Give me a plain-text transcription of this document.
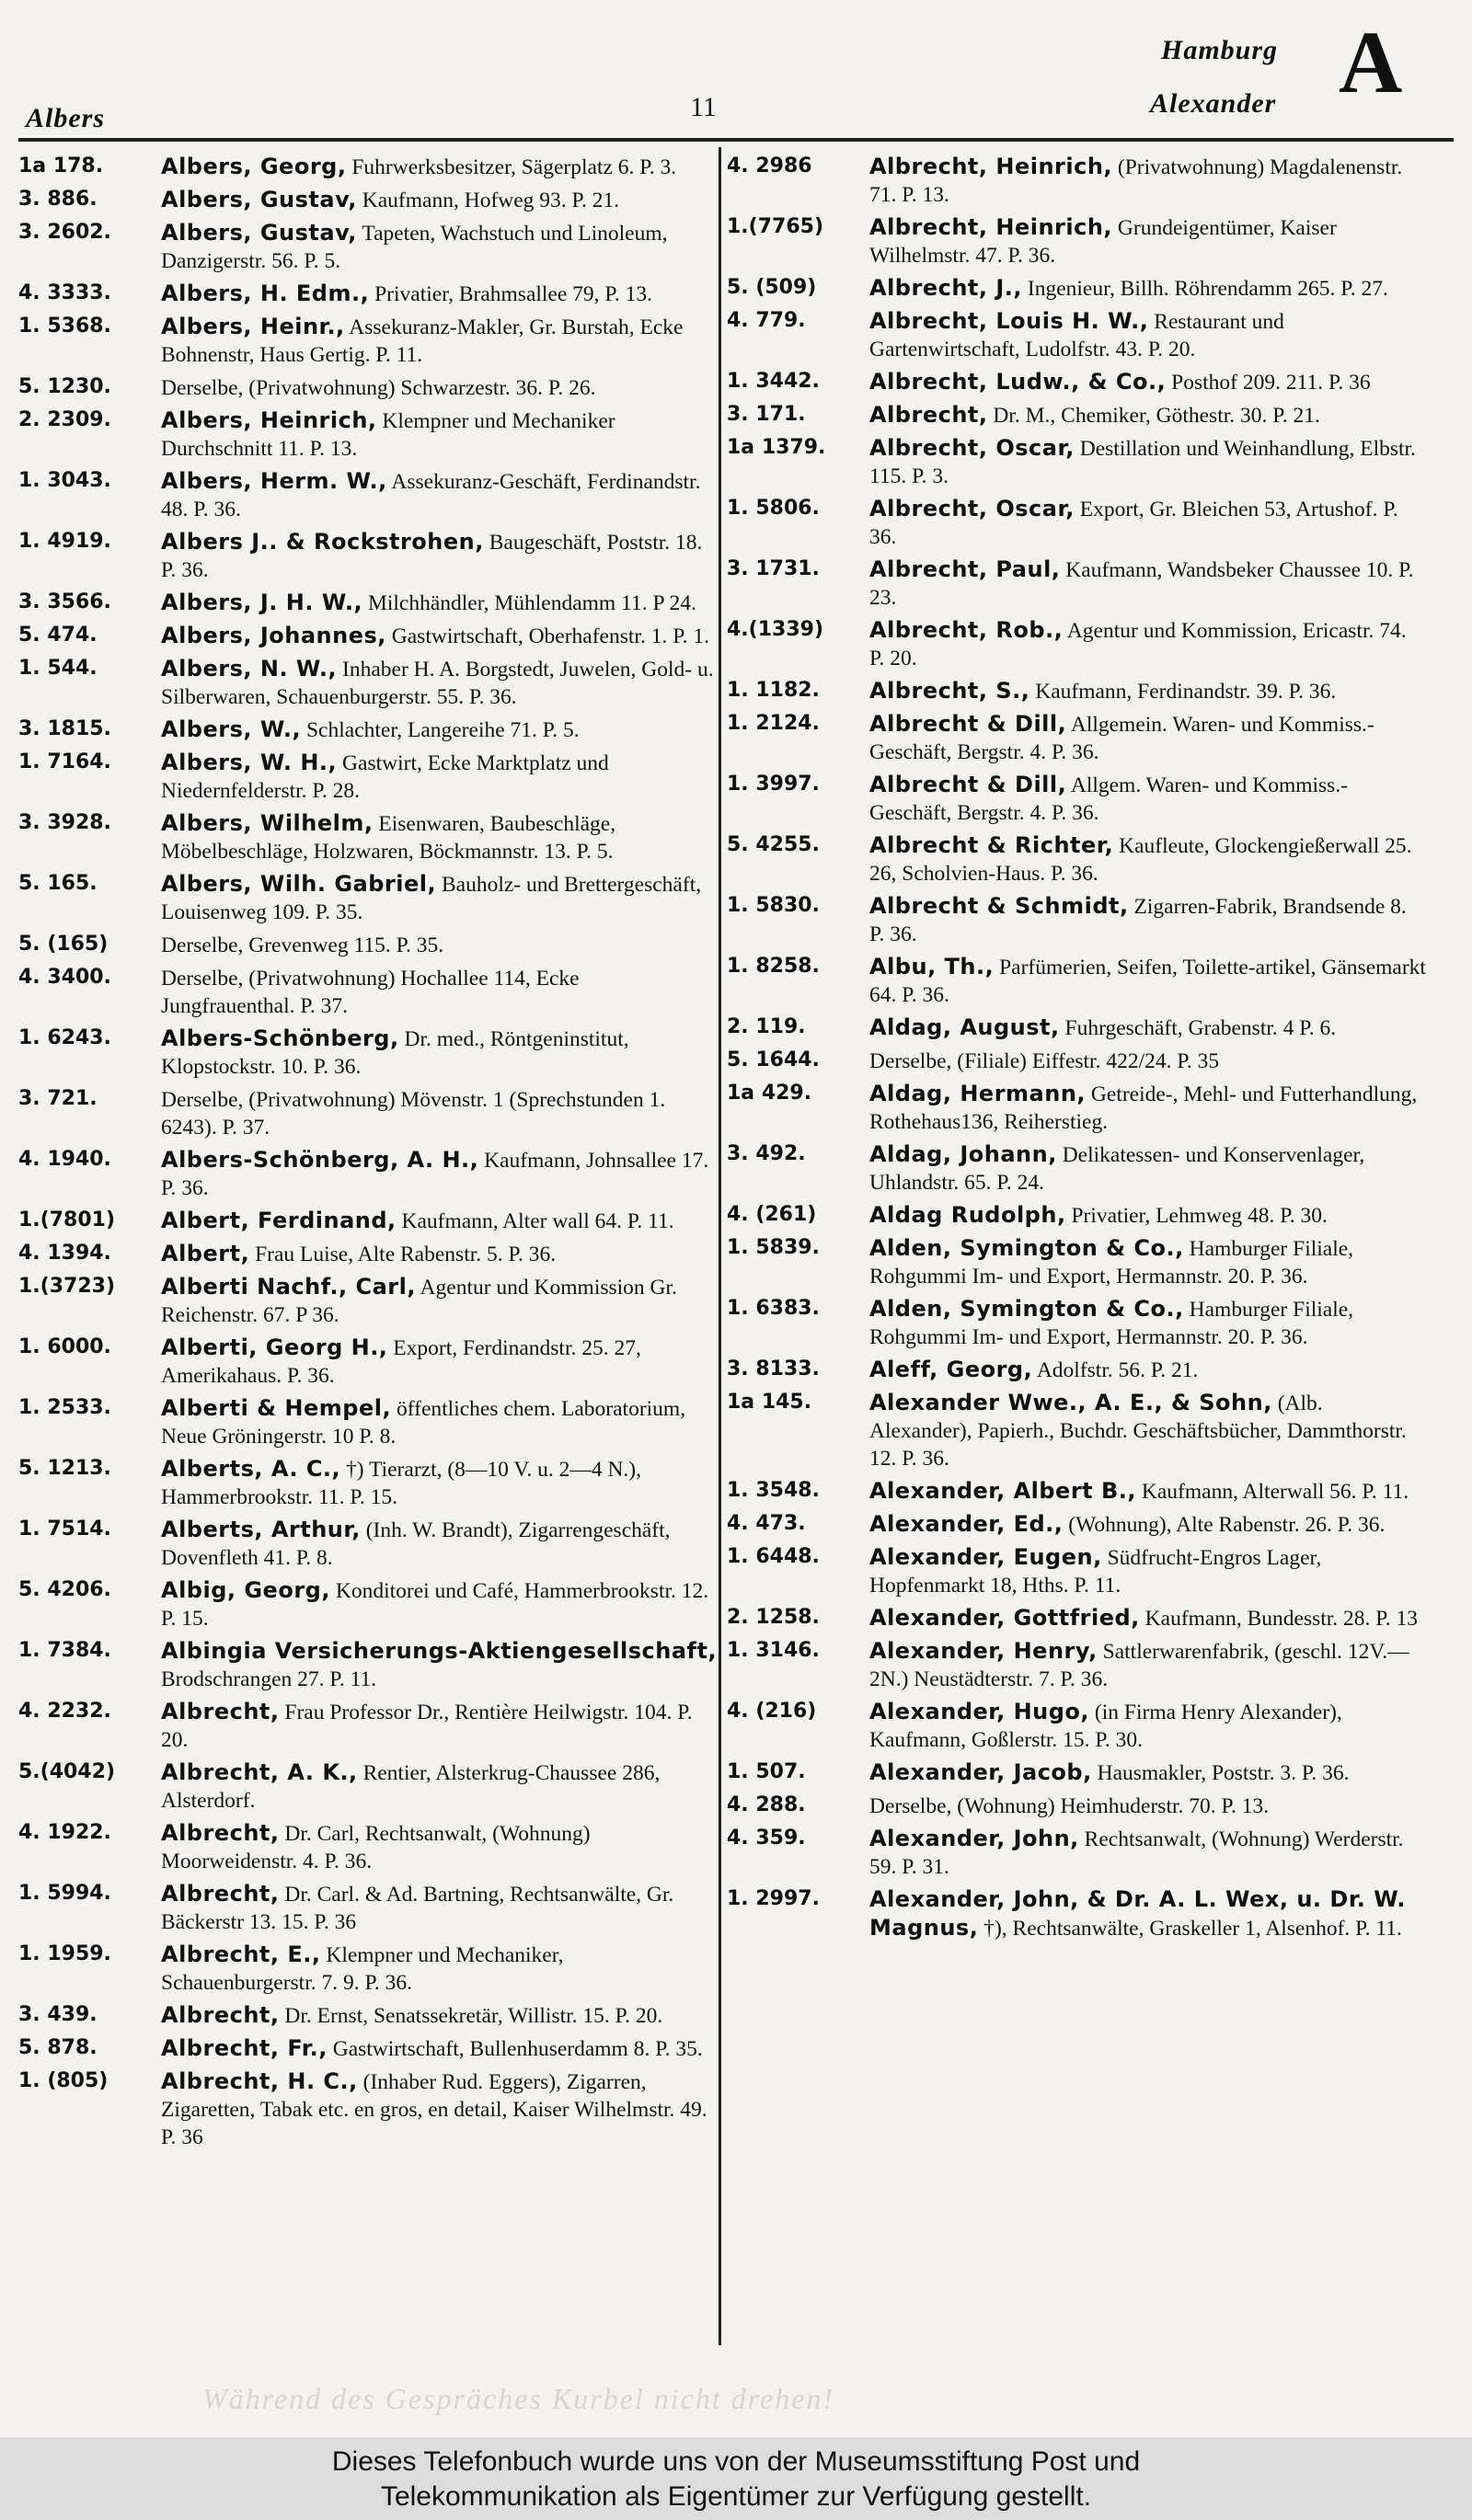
Albers	11
Hamburg
Alexander A
1a 178.	Albers, Georg, Fuhrwerksbesitzer, Sägerplatz 6. P. 3.
3. 886.	Albers, Gustav, Kaufmann, Hofweg 93. P. 21.
3. 2602.	Albers, Gustav, Tapeten, Wachstuch und Linoleum, Danzigerstr. 56. P. 5.
4. 3333.	Albers, H. Edm., Privatier, Brahmsallee 79, P. 13.
1. 5368.	Albers, Heinr., Assekuranz-Makler, Gr. Burstah, Ecke Bohnenstr, Haus Gertig. P. 11.
5. 1230.	Derselbe, (Privatwohnung) Schwarzestr. 36. P. 26.
2. 2309.	Albers, Heinrich, Klempner und Mechaniker Durchschnitt 11. P. 13.
1. 3043.	Albers, Herm. W., Assekuranz-Geschäft, Ferdinandstr. 48. P. 36.
1. 4919.	Albers J.. & Rockstrohen, Baugeschäft, Poststr. 18. P. 36.
3. 3566.	Albers, J. H. W., Milchhändler, Mühlendamm 11. P 24.
5. 474.	Albers, Johannes, Gastwirtschaft, Oberhafenstr. 1. P. 1.
1. 544.	Albers, N. W., Inhaber H. A. Borgstedt, Juwelen, Gold- u. Silberwaren, Schauenburgerstr. 55. P. 36.
3. 1815.	Albers, W., Schlachter, Langereihe 71. P. 5.
1. 7164.	Albers, W. H., Gastwirt, Ecke Marktplatz und Niedernfelderstr. P. 28.
3. 3928.	Albers, Wilhelm, Eisenwaren, Baubeschläge, Möbelbeschläge, Holzwaren, Böckmannstr. 13. P. 5.
5. 165.	Albers, Wilh. Gabriel, Bauholz- und Brettergeschäft, Louisenweg 109. P. 35.
5. (165)	Derselbe, Grevenweg 115. P. 35.
4. 3400.	Derselbe, (Privatwohnung) Hochallee 114, Ecke Jungfrauenthal. P. 37.
1. 6243.	Albers-Schönberg, Dr. med., Röntgeninstitut, Klopstockstr. 10. P. 36.
3. 721.	Derselbe, (Privatwohnung) Mövenstr. 1 (Sprechstunden 1. 6243). P. 37.
4. 1940.	Albers-Schönberg, A. H., Kaufmann, Johnsallee 17. P. 36.
1.(7801)	Albert, Ferdinand, Kaufmann, Alter wall 64. P. 11.
4. 1394.	Albert, Frau Luise, Alte Rabenstr. 5. P. 36.
1.(3723)	Alberti Nachf., Carl, Agentur und Kommission Gr. Reichenstr. 67. P 36.
1. 6000.	Alberti, Georg H., Export, Ferdinandstr. 25. 27, Amerikahaus. P. 36.
1. 2533.	Alberti & Hempel, öffentliches chem. Laboratorium, Neue Gröningerstr. 10 P. 8.
5. 1213.	Alberts, A. C., †) Tierarzt, (8—10 V. u. 2—4 N.), Hammerbrookstr. 11. P. 15.
1. 7514.	Alberts, Arthur, (Inh. W. Brandt), Zigarrengeschäft, Dovenfleth 41. P. 8.
5. 4206.	Albig, Georg, Konditorei und Café, Hammerbrookstr. 12. P. 15.
1. 7384.	Albingia Versicherungs-Aktiengesellschaft, Brodschrangen 27. P. 11.
4. 2232.	Albrecht, Frau Professor Dr., Rentière Heilwigstr. 104. P. 20.
5.(4042)	Albrecht, A. K., Rentier, Alsterkrug-Chaussee 286, Alsterdorf.
4. 1922.	Albrecht, Dr. Carl, Rechtsanwalt, (Wohnung) Moorweidenstr. 4. P. 36.
1. 5994.	Albrecht, Dr. Carl. & Ad. Bartning, Rechtsanwälte, Gr. Bäckerstr 13. 15. P. 36
1. 1959.	Albrecht, E., Klempner und Mechaniker, Schauenburgerstr. 7. 9. P. 36.
3. 439.	Albrecht, Dr. Ernst, Senatssekretär, Willistr. 15. P. 20.
5. 878.	Albrecht, Fr., Gastwirtschaft, Bullenhuserdamm 8. P. 35.
1. (805)	Albrecht, H. C., (Inhaber Rud. Eggers), Zigarren, Zigaretten, Tabak etc. en gros, en detail, Kaiser Wilhelmstr. 49. P. 36
4. 2986	Albrecht, Heinrich, (Privatwohnung) Magdalenenstr. 71. P. 13.
1.(7765)	Albrecht, Heinrich, Grundeigentümer, Kaiser Wilhelmstr. 47. P. 36.
5. (509)	Albrecht, J., Ingenieur, Billh. Röhrendamm 265. P. 27.
4. 779.	Albrecht, Louis H. W., Restaurant und Gartenwirtschaft, Ludolfstr. 43. P. 20.
1. 3442.	Albrecht, Ludw., & Co., Posthof 209. 211. P. 36
3. 171.	Albrecht, Dr. M., Chemiker, Göthestr. 30. P. 21.
1a 1379.	Albrecht, Oscar, Destillation und Weinhandlung, Elbstr. 115. P. 3.
1. 5806.	Albrecht, Oscar, Export, Gr. Bleichen 53, Artushof. P. 36.
3. 1731.	Albrecht, Paul, Kaufmann, Wandsbeker Chaussee 10. P. 23.
4.(1339)	Albrecht, Rob., Agentur und Kommission, Ericastr. 74. P. 20.
1. 1182.	Albrecht, S., Kaufmann, Ferdinandstr. 39. P. 36.
1. 2124.	Albrecht & Dill, Allgemein. Waren- und Kommiss.-Geschäft, Bergstr. 4. P. 36.
1. 3997.	Albrecht & Dill, Allgem. Waren- und Kommiss.-Geschäft, Bergstr. 4. P. 36.
5. 4255.	Albrecht & Richter, Kaufleute, Glockengießerwall 25. 26, Scholvien-Haus. P. 36.
1. 5830.	Albrecht & Schmidt, Zigarren-Fabrik, Brandsende 8. P. 36.
1. 8258.	Albu, Th., Parfümerien, Seifen, Toilette-artikel, Gänsemarkt 64. P. 36.
2. 119.	Aldag, August, Fuhrgeschäft, Grabenstr. 4 P. 6.
5. 1644.	Derselbe, (Filiale) Eiffestr. 422/24. P. 35
1a 429.	Aldag, Hermann, Getreide-, Mehl- und Futterhandlung, Rothehaus136, Reiherstieg.
3. 492.	Aldag, Johann, Delikatessen- und Konservenlager, Uhlandstr. 65. P. 24.
4. (261)	Aldag Rudolph, Privatier, Lehmweg 48. P. 30.
1. 5839.	Alden, Symington & Co., Hamburger Filiale, Rohgummi Im- und Export, Hermannstr. 20. P. 36.
1. 6383.	Alden, Symington & Co., Hamburger Filiale, Rohgummi Im- und Export, Hermannstr. 20. P. 36.
3. 8133.	Aleff, Georg, Adolfstr. 56. P. 21.
1a 145.	Alexander Wwe., A. E., & Sohn, (Alb. Alexander), Papierh., Buchdr. Geschäftsbücher, Dammthorstr. 12. P. 36.
1. 3548.	Alexander, Albert B., Kaufmann, Alterwall 56. P. 11.
4. 473.	Alexander, Ed., (Wohnung), Alte Rabenstr. 26. P. 36.
1. 6448.	Alexander, Eugen, Südfrucht-Engros Lager, Hopfenmarkt 18, Hths. P. 11.
2. 1258.	Alexander, Gottfried, Kaufmann, Bundesstr. 28. P. 13
1. 3146.	Alexander, Henry, Sattlerwarenfabrik, (geschl. 12V.—2N.) Neustädterstr. 7. P. 36.
4. (216)	Alexander, Hugo, (in Firma Henry Alexander), Kaufmann, Goßlerstr. 15. P. 30.
1. 507.	Alexander, Jacob, Hausmakler, Poststr. 3. P. 36.
4. 288.	Derselbe, (Wohnung) Heimhuderstr. 70. P. 13.
4. 359.	Alexander, John, Rechtsanwalt, (Wohnung) Werderstr. 59. P. 31.
1. 2997.	Alexander, John, & Dr. A. L. Wex, u. Dr. W. Magnus, †), Rechtsanwälte, Graskeller 1, Alsenhof. P. 11.
Während des Gespräches Kurbel nicht drehen!
Dieses Telefonbuch wurde uns von der Museumsstiftung Post und
Telekommunikation als Eigentümer zur Verfügung gestellt.
